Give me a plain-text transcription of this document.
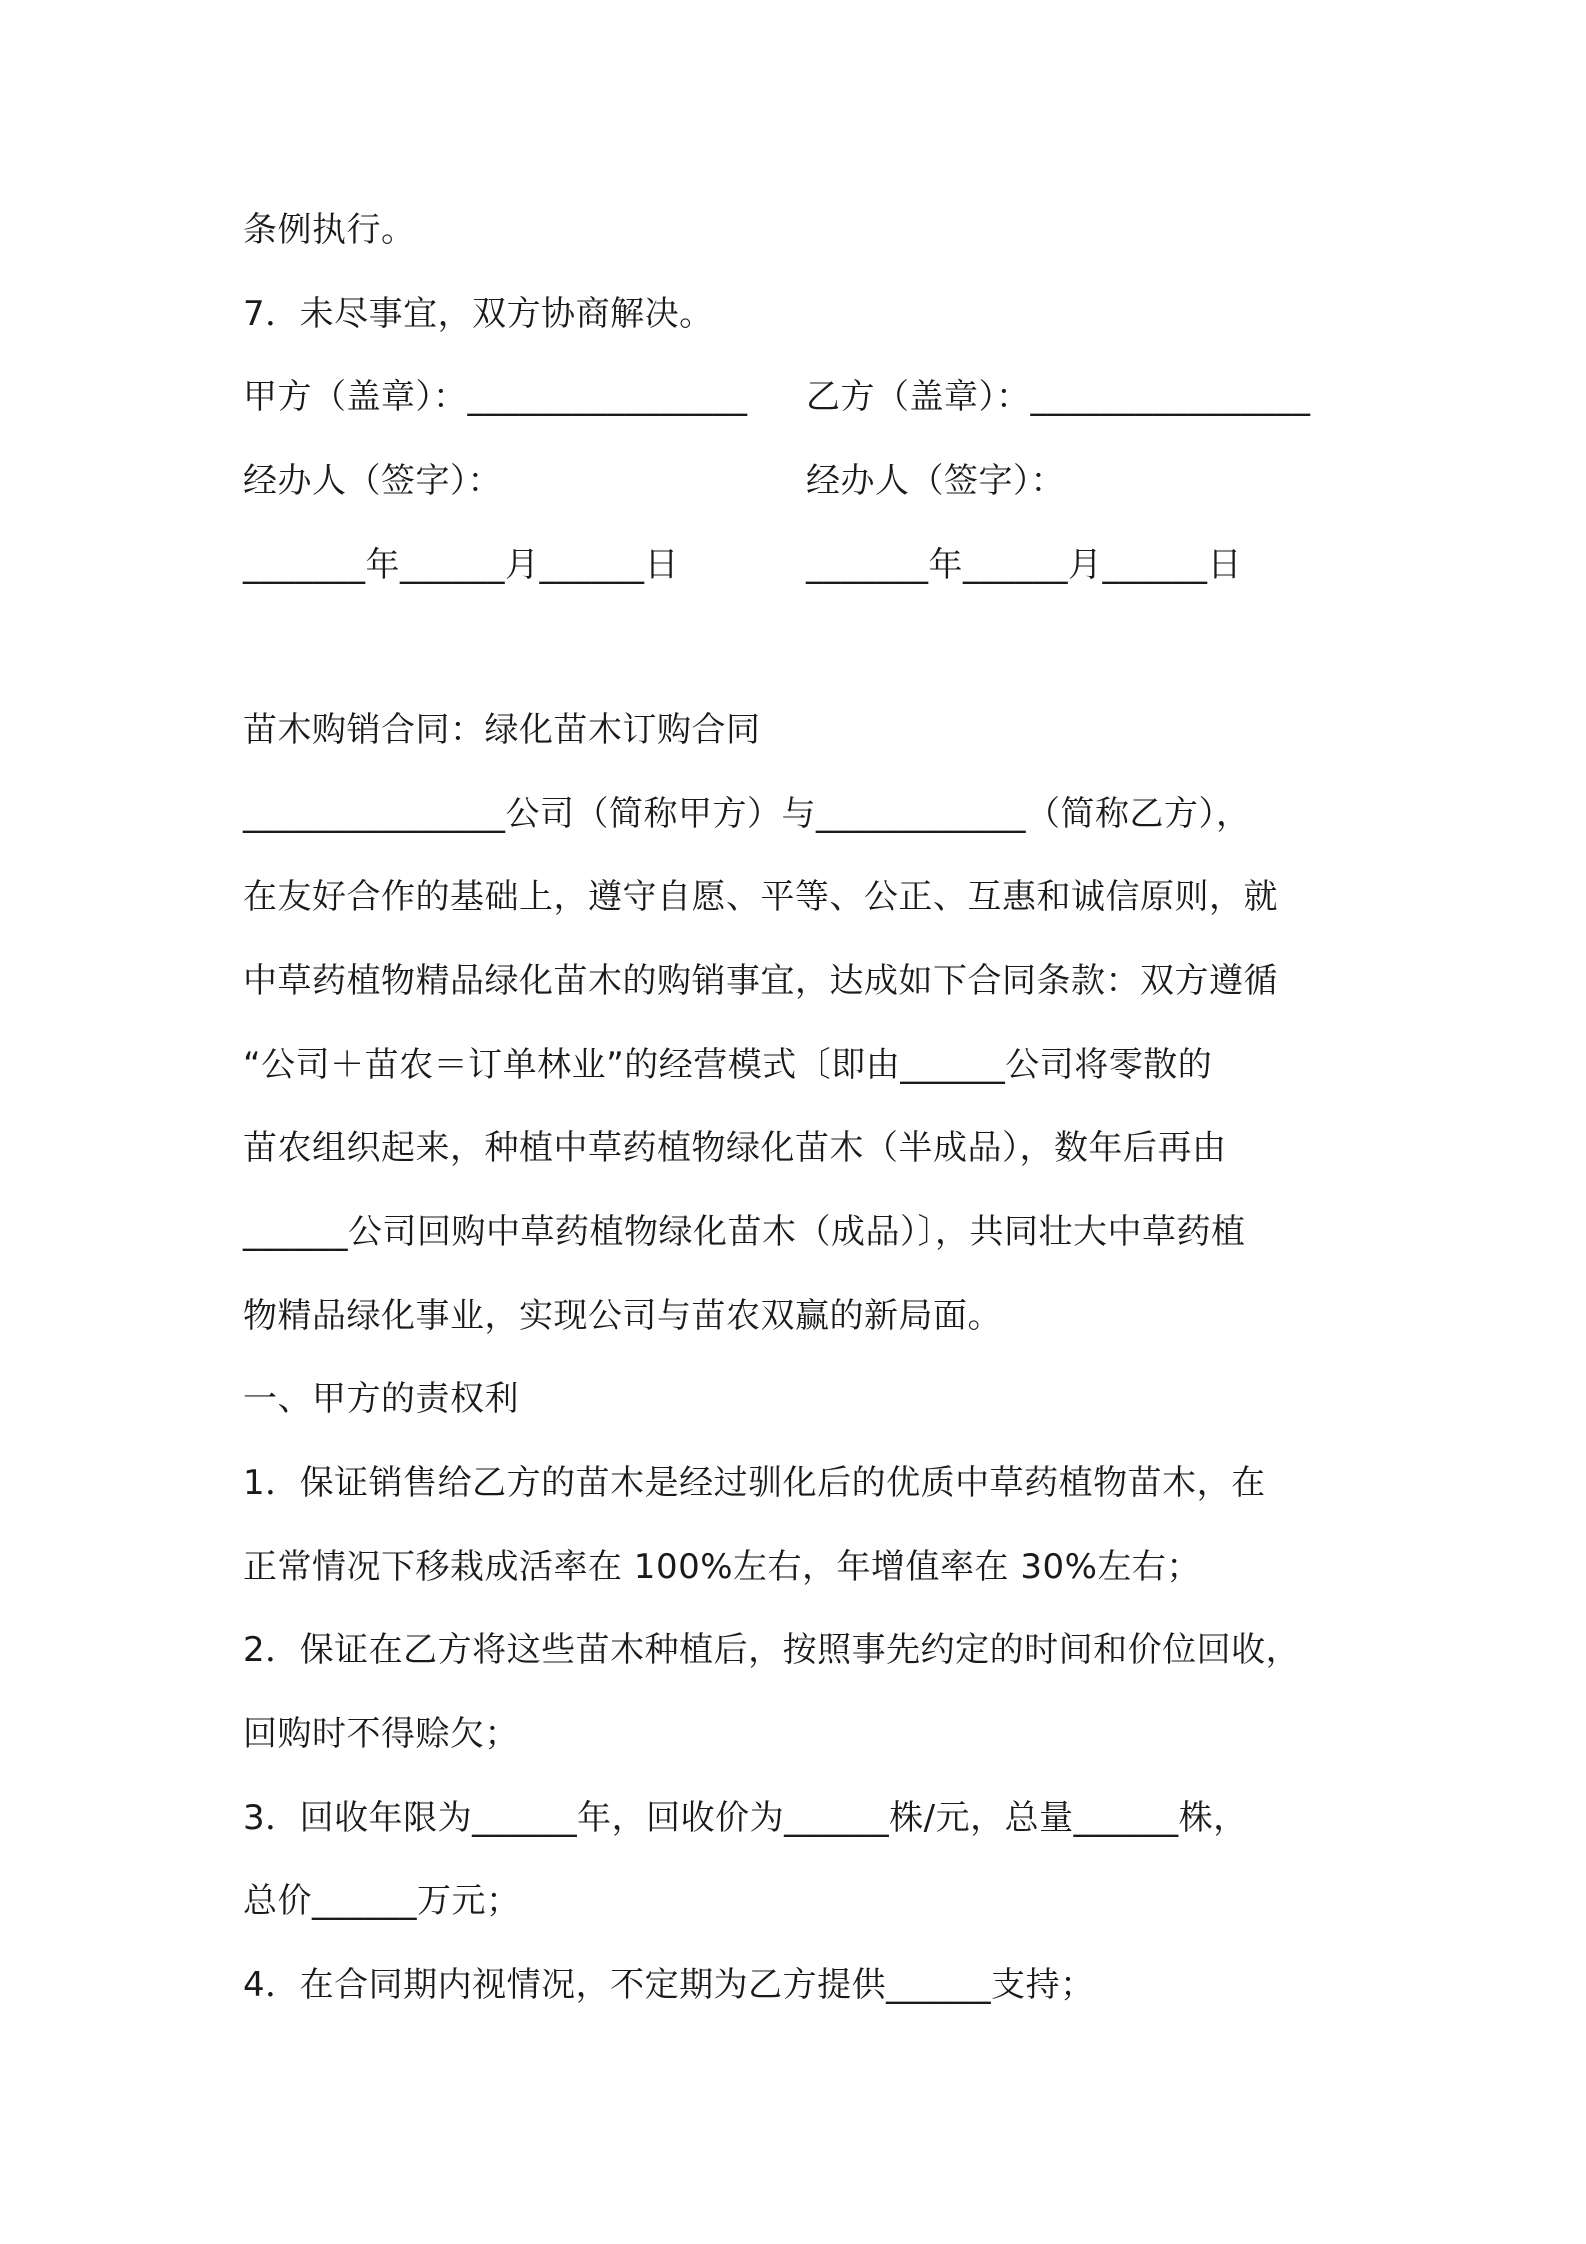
条例执行。
7．未尽事宜，双方协商解决。
甲方（盖章）：________________ 乙方（盖章）：________________
经办人（签字）：	经办人（签字）：
_______年______月______日	_______年______月______日
苗木购销合同：绿化苗木订购合同
_______________公司（简称甲方）与____________（简称乙方），
在友好合作的基础上，遵守自愿、平等、公正、互惠和诚信原则，就
中草药植物精品绿化苗木的购销事宜，达成如下合同条款：双方遵循
“公司＋苗农＝订单林业”的经营模式〔即由______公司将零散的
苗农组织起来，种植中草药植物绿化苗木（半成品），数年后再由
______公司回购中草药植物绿化苗木（成品）〕，共同壮大中草药植
物精品绿化事业，实现公司与苗农双赢的新局面。
一、甲方的责权利
1．保证销售给乙方的苗木是经过驯化后的优质中草药植物苗木，在
正常情况下移栽成活率在 100%左右，年增值率在 30%左右；
2．保证在乙方将这些苗木种植后，按照事先约定的时间和价位回收，
回购时不得赊欠；
3．回收年限为______年，回收价为______株/元，总量______株，
总价______万元；
4．在合同期内视情况，不定期为乙方提供______支持；
